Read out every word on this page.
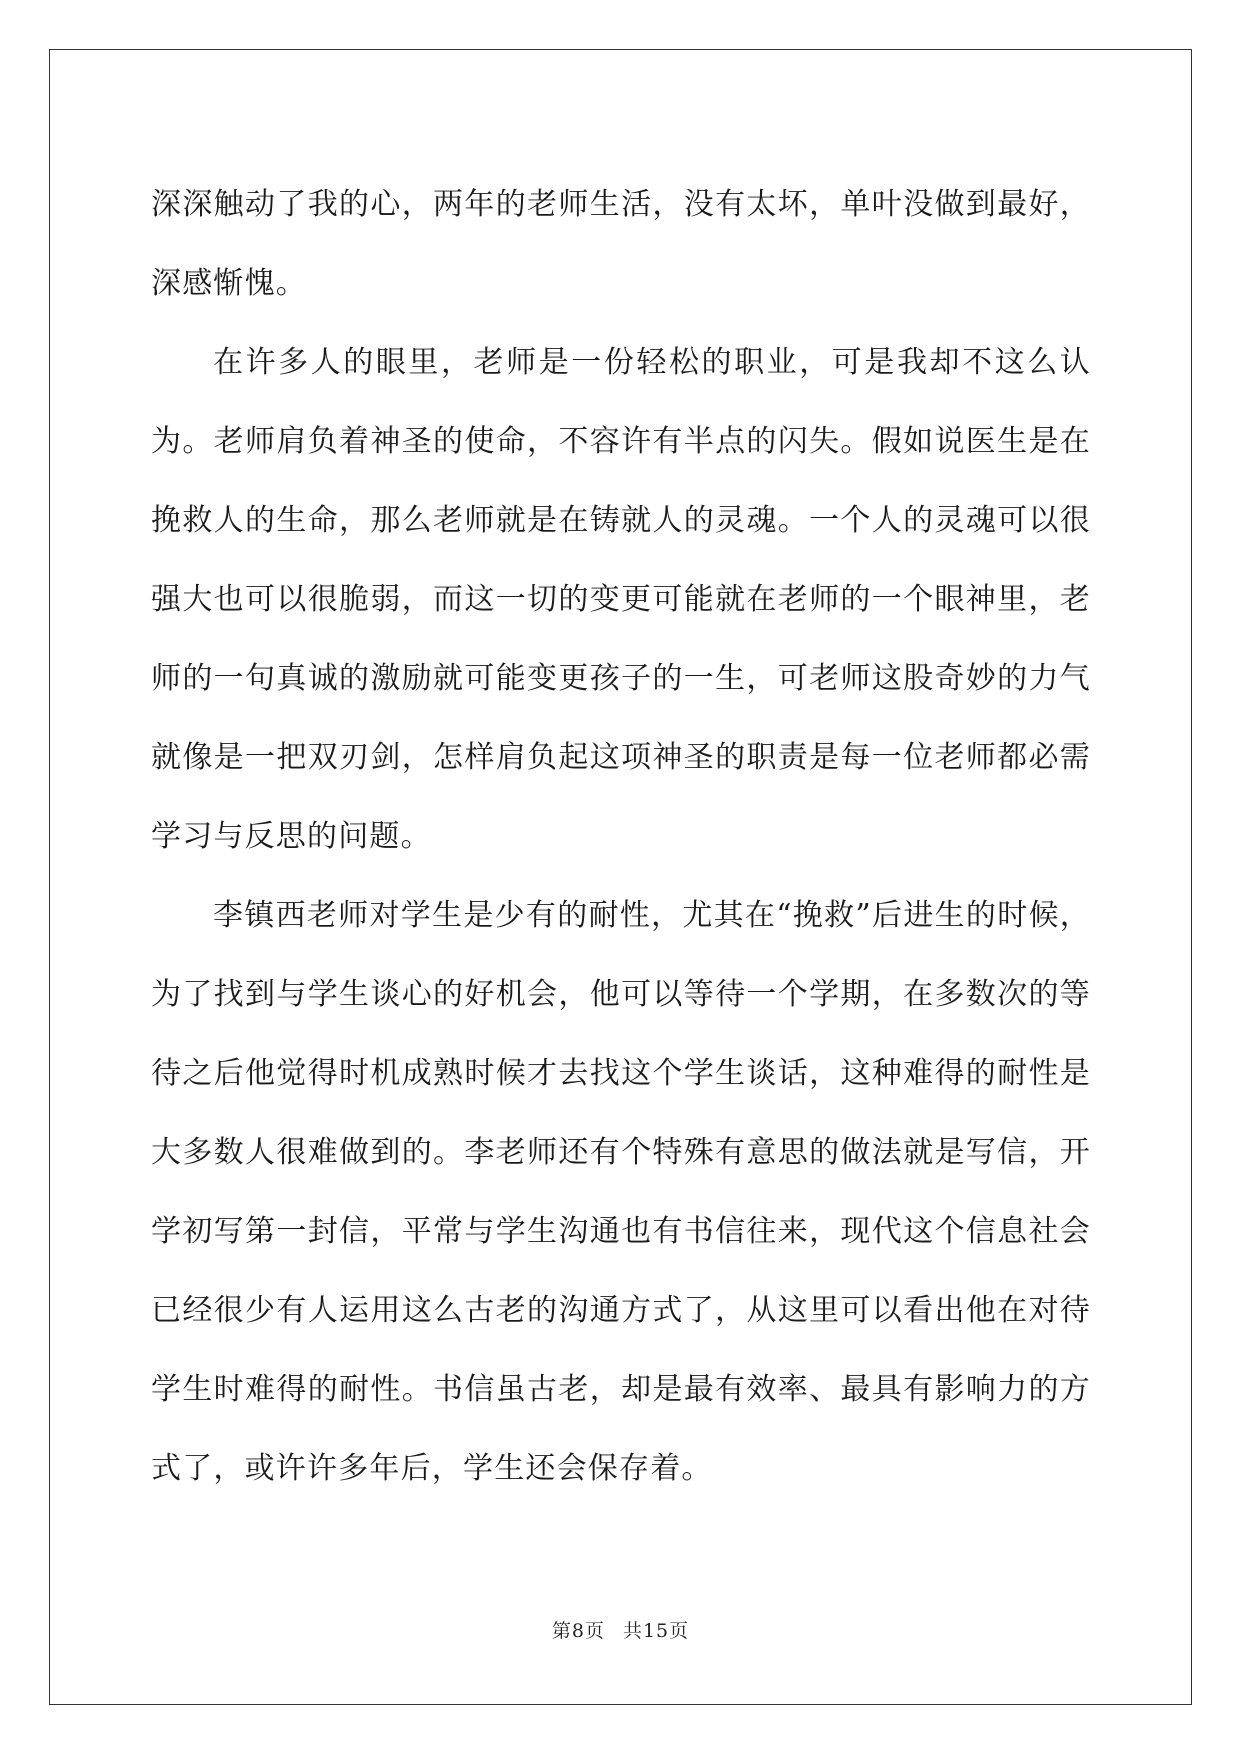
深深触动了我的心，两年的老师生活，没有太坏，单叶没做到最好，深感惭愧。

在许多人的眼里，老师是一份轻松的职业，可是我却不这么认为。老师肩负着神圣的使命，不容许有半点的闪失。假如说医生是在挽救人的生命，那么老师就是在铸就人的灵魂。一个人的灵魂可以很强大也可以很脆弱，而这一切的变更可能就在老师的一个眼神里，老师的一句真诚的激励就可能变更孩子的一生，可老师这股奇妙的力气就像是一把双刃剑，怎样肩负起这项神圣的职责是每一位老师都必需学习与反思的问题。

李镇西老师对学生是少有的耐性，尤其在“挽救”后进生的时候，为了找到与学生谈心的好机会，他可以等待一个学期，在多数次的等待之后他觉得时机成熟时候才去找这个学生谈话，这种难得的耐性是大多数人很难做到的。李老师还有个特殊有意思的做法就是写信，开学初写第一封信，平常与学生沟通也有书信往来，现代这个信息社会已经很少有人运用这么古老的沟通方式了，从这里可以看出他在对待学生时难得的耐性。书信虽古老，却是最有效率、最具有影响力的方式了，或许许多年后，学生还会保存着。

第8页 共15页
